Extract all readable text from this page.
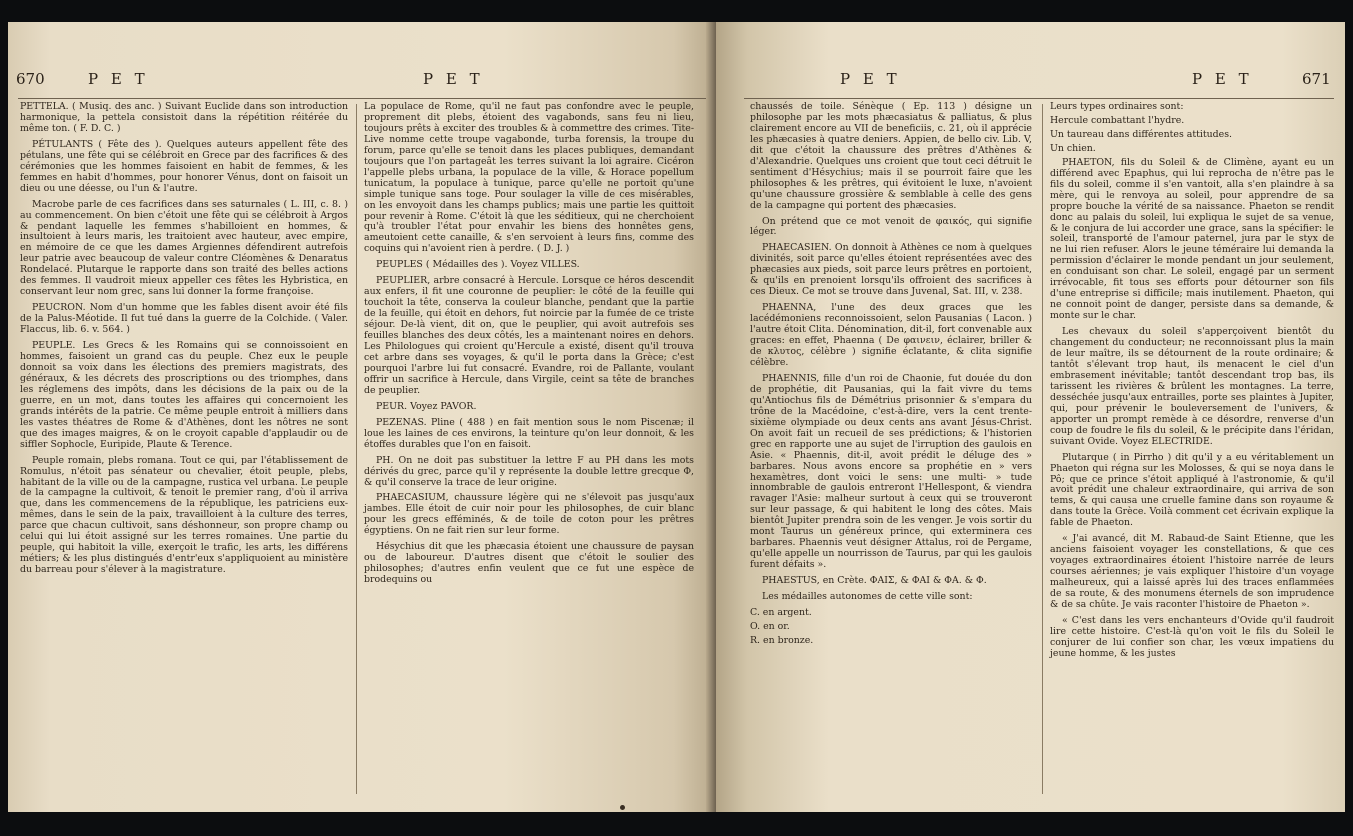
670	P E T	P E T

PETTELA. ( Musiq. des anc. ) Suivant Euclide dans son introduction harmonique, la pettela consistoit dans la répétition réitérée du même ton. ( F. D. C. )

PÉTULANTS ( Fête des ). Quelques auteurs appellent fête des pétulans, une fête qui se célébroit en Grece par des facrifices & des cérémonies que les hommes faisoient en habit de femmes, & les femmes en habit d'hommes, pour honorer Vénus, dont on faisoit un dieu ou une déesse, ou l'un & l'autre.

Macrobe parle de ces facrifices dans ses saturnales ( L. III, c. 8. ) au commencement. On bien c'étoit une fête qui se célébroit à Argos & pendant laquelle les femmes s'habilloient en hommes, & insultoient à leurs maris, les traitoient avec hauteur, avec empire, en mémoire de ce que les dames Argiennes défendirent autrefois leur patrie avec beaucoup de valeur contre Cléomènes & Denaratus Rondelacé. Plutarque le rapporte dans son traité des belles actions des femmes. Il vaudroit mieux appeller ces fêtes les Hybristica, en conservant leur nom grec, sans lui donner la forme françoise.

PEUCRON. Nom d'un homme que les fables disent avoir été fils de la Palus-Méotide. Il fut tué dans la guerre de la Colchide. ( Valer. Flaccus, lib. 6. v. 564. )

PEUPLE. Les Grecs & les Romains qui se connoissoient en hommes, faisoient un grand cas du peuple. Chez eux le peuple donnoit sa voix dans les élections des premiers magistrats, des généraux, & les décrets des proscriptions ou des triomphes, dans les réglemens des impôts, dans les décisions de la paix ou de la guerre, en un mot, dans toutes les affaires qui concernoient les grands intérêts de la patrie. Ce même peuple entroit à milliers dans les vastes théatres de Rome & d'Athènes, dont les nôtres ne sont que des images maigres, & on le croyoit capable d'applaudir ou de siffler Sophocle, Euripide, Plaute & Terence.

Peuple romain, plebs romana. Tout ce qui, par l'établissement de Romulus, n'étoit pas sénateur ou chevalier, étoit peuple, plebs, habitant de la ville ou de la campagne, rustica vel urbana. Le peuple de la campagne la cultivoit, & tenoit le premier rang, d'où il arriva que, dans les commencemens de la république, les patriciens eux-mêmes, dans le sein de la paix, travailloient à la culture des terres, parce que chacun cultivoit, sans déshonneur, son propre champ ou celui qui lui étoit assigné sur les terres romaines. Une partie du peuple, qui habitoit la ville, exerçoit le trafic, les arts, les différens métiers; & les plus distingués d'entr'eux s'appliquoient au ministère du barreau pour s'élever à la magistrature.

La populace de Rome, qu'il ne faut pas confondre avec le peuple, proprement dit plebs, étoient des vagabonds, sans feu ni lieu, toujours prêts à exciter des troubles & à commettre des crimes. Tite-Live nomme cette troupe vagabonde, turba forensis, la troupe du forum, parce qu'elle se tenoit dans les places publiques, demandant toujours que l'on partageât les terres suivant la loi agraire. Cicéron l'appelle plebs urbana, la populace de la ville, & Horace popellum tunicatum, la populace à tunique, parce qu'elle ne portoit qu'une simple tunique sans toge. Pour soulager la ville de ces misérables, on les envoyoit dans les champs publics; mais une partie les quittoit pour revenir à Rome. C'étoit là que les séditieux, qui ne cherchoient qu'à troubler l'état pour envahir les biens des honnêtes gens, ameutoient cette canaille, & s'en servoient à leurs fins, comme des coquins qui n'avoient rien à perdre. ( D. J. )

PEUPLES ( Médailles des ). Voyez VILLES.

PEUPLIER, arbre consacré à Hercule. Lorsque ce héros descendit aux enfers, il fit une couronne de peuplier: le côté de la feuille qui touchoit la tête, conserva la couleur blanche, pendant que la partie de la feuille, qui étoit en dehors, fut noircie par la fumée de ce triste séjour. De-là vient, dit on, que le peuplier, qui avoit autrefois ses feuilles blanches des deux côtés, les a maintenant noires en dehors. Les Philologues qui croient qu'Hercule a existé, disent qu'il trouva cet arbre dans ses voyages, & qu'il le porta dans la Grèce; c'est pourquoi l'arbre lui fut consacré. Evandre, roi de Pallante, voulant offrir un sacrifice à Hercule, dans Virgile, ceint sa tête de branches de peuplier.

PEUR. Voyez PAVOR.

PEZENAS. Pline ( 488 ) en fait mention sous le nom Piscenæ; il loue les laines de ces environs, la teinture qu'on leur donnoit, & les étoffes durables que l'on en faisoit.

PH. On ne doit pas substituer la lettre F au PH dans les mots dérivés du grec, parce qu'il y représente la double lettre grecque Φ, & qu'il conserve la trace de leur origine.

PHAECASIUM, chaussure légère qui ne s'élevoit pas jusqu'aux jambes. Elle étoit de cuir noir pour les philosophes, de cuir blanc pour les grecs efféminés, & de toile de coton pour les prêtres égyptiens. On ne fait rien sur leur forme.

Hésychius dit que les phæcasia étoient une chaussure de paysan ou de laboureur. D'autres disent que c'étoit le soulier des philosophes; d'autres enfin veulent que ce fut une espèce de brodequins ou

P E T	P E T	671

chaussés de toile. Sénèque ( Ep. 113 ) désigne un philosophe par les mots phæcasiatus & palliatus, & plus clairement encore au VII de beneficiis, c. 21, où il apprécie les phæcasies à quatre deniers. Appien, de bello civ. Lib. V, dit que c'étoit la chaussure des prêtres d'Athènes & d'Alexandrie. Quelques uns croient que tout ceci détruit le sentiment d'Hésychius; mais il se pourroit faire que les philosophes & les prêtres, qui évitoient le luxe, n'avoient qu'une chaussure grossière & semblable à celle des gens de la campagne qui portent des phæcasies.

On prétend que ce mot venoit de φαικός, qui signifie léger.

PHAECASIEN. On donnoit à Athènes ce nom à quelques divinités, soit parce qu'elles étoient représentées avec des phæcasies aux pieds, soit parce leurs prêtres en portoient, & qu'ils en prenoient lorsqu'ils offroient des sacrifices à ces Dieux. Ce mot se trouve dans Juvenal, Sat. III, v. 238.

PHAENNA, l'une des deux graces que les lacédémoniens reconnoissoient, selon Pausanias ( Lacon. ) l'autre étoit Clita. Dénomination, dit-il, fort convenable aux graces: en effet, Phaenna ( De φαινειν, éclairer, briller & de κλυτος, célèbre ) signifie éclatante, & clita signifie célèbre.

PHAENNIS, fille d'un roi de Chaonie, fut douée du don de prophétie, dit Pausanias, qui la fait vivre du tems qu'Antiochus fils de Démétrius prisonnier & s'empara du trône de la Macédoine, c'est-à-dire, vers la cent trente-sixième olympiade ou deux cents ans avant Jésus-Christ. On avoit fait un recueil de ses prédictions; & l'historien grec en rapporte une au sujet de l'irruption des gaulois en Asie. « Phaennis, dit-il, avoit prédit le déluge des » barbares. Nous avons encore sa prophétie en » vers hexamètres, dont voici le sens: une multi- » tude innombrable de gaulois entreront l'Hellespont, & viendra ravager l'Asie: malheur surtout à ceux qui se trouveront sur leur passage, & qui habitent le long des côtes. Mais bientôt Jupiter prendra soin de les venger. Je vois sortir du mont Taurus un généreux prince, qui exterminera ces barbares. Phaennis veut désigner Attalus, roi de Pergame, qu'elle appelle un nourrisson de Taurus, par qui les gaulois furent défaits ».

PHAESTUS, en Crète. ΦΑΙΣ, & ΦΑΙ & ΦΑ. & Φ.

Les médailles autonomes de cette ville sont:

C. en argent.

O. en or.

R. en bronze.

Leurs types ordinaires sont:

Hercule combattant l'hydre.

Un taureau dans différentes attitudes.

Un chien.

PHAETON, fils du Soleil & de Climène, ayant eu un différend avec Epaphus, qui lui reprocha de n'être pas le fils du soleil, comme il s'en vantoit, alla s'en plaindre à sa mère, qui le renvoya au soleil, pour apprendre de sa propre bouche la vérité de sa naissance. Phaeton se rendit donc au palais du soleil, lui expliqua le sujet de sa venue, & le conjura de lui accorder une grace, sans la spécifier: le soleil, transporté de l'amour paternel, jura par le styx de ne lui rien refuser. Alors le jeune téméraire lui demanda la permission d'éclairer le monde pendant un jour seulement, en conduisant son char. Le soleil, engagé par un serment irrévocable, fit tous ses efforts pour détourner son fils d'une entreprise si difficile; mais inutilement. Phaeton, qui ne connoit point de danger, persiste dans sa demande, & monte sur le char.

Les chevaux du soleil s'apperçoivent bientôt du changement du conducteur; ne reconnoissant plus la main de leur maître, ils se détournent de la route ordinaire; & tantôt s'élevant trop haut, ils menacent le ciel d'un embrasement inévitable; tantôt descendant trop bas, ils tarissent les rivières & brûlent les montagnes. La terre, desséchée jusqu'aux entrailles, porte ses plaintes à Jupiter, qui, pour prévenir le bouleversement de l'univers, & apporter un prompt remède à ce désordre, renverse d'un coup de foudre le fils du soleil, & le précipite dans l'éridan, suivant Ovide. Voyez ELECTRIDE.

Plutarque ( in Pirrho ) dit qu'il y a eu véritablement un Phaeton qui régna sur les Molosses, & qui se noya dans le Pô; que ce prince s'étoit appliqué à l'astronomie, & qu'il avoit prédit une chaleur extraordinaire, qui arriva de son tems, & qui causa une cruelle famine dans son royaume & dans toute la Grèce. Voilà comment cet écrivain explique la fable de Phaeton.

« J'ai avancé, dit M. Rabaud-de Saint Etienne, que les anciens faisoient voyager les constellations, & que ces voyages extraordinaires étoient l'histoire narrée de leurs courses aériennes; je vais expliquer l'histoire d'un voyage malheureux, qui a laissé après lui des traces enflammées de sa route, & des monumens éternels de son imprudence & de sa chûte. Je vais raconter l'histoire de Phaeton ».

« C'est dans les vers enchanteurs d'Ovide qu'il faudroit lire cette histoire. C'est-là qu'on voit le fils du Soleil le conjurer de lui confier son char, les vœux impatiens du jeune homme, & les justes
